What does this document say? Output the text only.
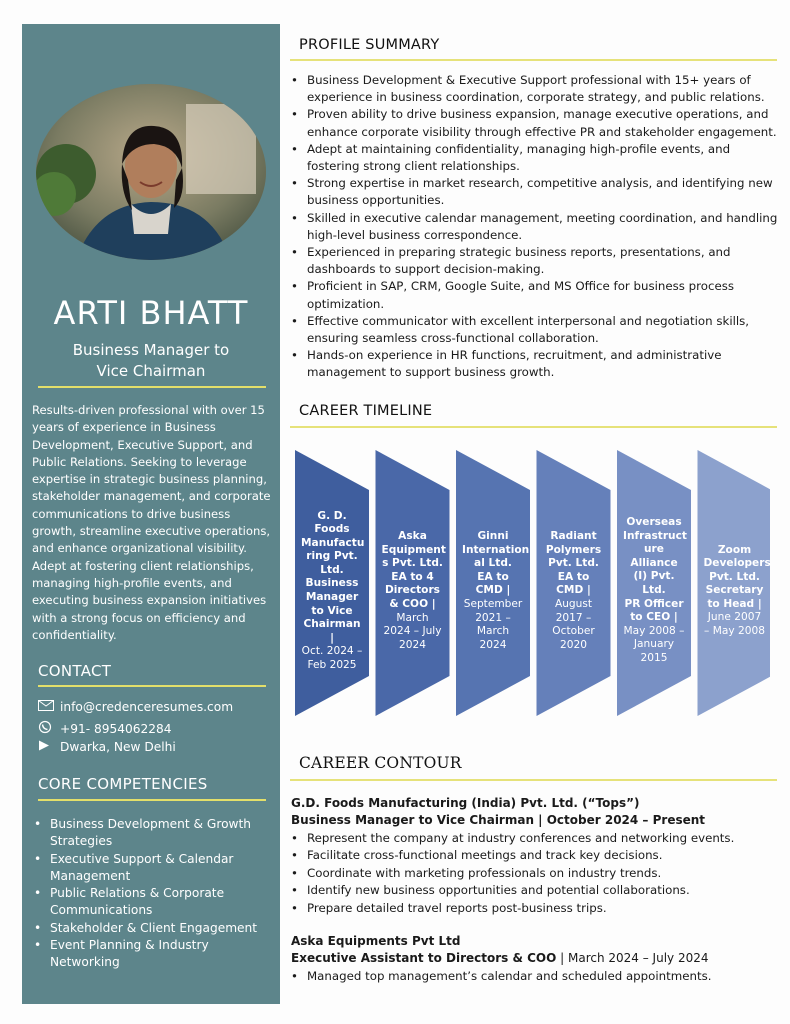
ARTI BHATT
Business Manager to
Vice Chairman
Results-driven professional with over 15 years of experience in Business Development, Executive Support, and Public Relations. Seeking to leverage expertise in strategic business planning, stakeholder management, and corporate communications to drive business growth, streamline executive operations, and enhance organizational visibility. Adept at fostering client relationships, managing high-profile events, and executing business expansion initiatives with a strong focus on efficiency and confidentiality.
CONTACT
info@credenceresumes.com
+91- 8954062284
Dwarka, New Delhi
CORE COMPETENCIES
• Business Development & Growth Strategies
• Executive Support & Calendar Management
• Public Relations & Corporate Communications
• Stakeholder & Client Engagement
• Event Planning & Industry Networking
PROFILE SUMMARY
• Business Development & Executive Support professional with 15+ years of experience in business coordination, corporate strategy, and public relations.
• Proven ability to drive business expansion, manage executive operations, and enhance corporate visibility through effective PR and stakeholder engagement.
• Adept at maintaining confidentiality, managing high-profile events, and fostering strong client relationships.
• Strong expertise in market research, competitive analysis, and identifying new business opportunities.
• Skilled in executive calendar management, meeting coordination, and handling high-level business correspondence.
• Experienced in preparing strategic business reports, presentations, and dashboards to support decision-making.
• Proficient in SAP, CRM, Google Suite, and MS Office for business process optimization.
• Effective communicator with excellent interpersonal and negotiation skills, ensuring seamless cross-functional collaboration.
• Hands-on experience in HR functions, recruitment, and administrative management to support business growth.
CAREER TIMELINE
G. D. Foods Manufactu ring Pvt. Ltd.
Business Manager to Vice Chairman |
Oct. 2024 – Feb 2025
Aska Equipment s Pvt. Ltd.
EA to 4 Directors & COO |
March 2024 – July 2024
Ginni Internation al Ltd.
EA to CMD |
September 2021 – March 2024
Radiant Polymers Pvt. Ltd.
EA to CMD |
August 2017 – October 2020
Overseas Infrastruct ure Alliance (I) Pvt. Ltd.
PR Officer to CEO |
May 2008 – January 2015
Zoom Developers Pvt. Ltd.
Secretary to Head |
June 2007 – May 2008
CAREER CONTOUR
G.D. Foods Manufacturing (India) Pvt. Ltd. (“Tops”)
Business Manager to Vice Chairman | October 2024 – Present
• Represent the company at industry conferences and networking events.
• Facilitate cross-functional meetings and track key decisions.
• Coordinate with marketing professionals on industry trends.
• Identify new business opportunities and potential collaborations.
• Prepare detailed travel reports post-business trips.
Aska Equipments Pvt Ltd
Executive Assistant to Directors & COO | March 2024 – July 2024
• Managed top management’s calendar and scheduled appointments.
